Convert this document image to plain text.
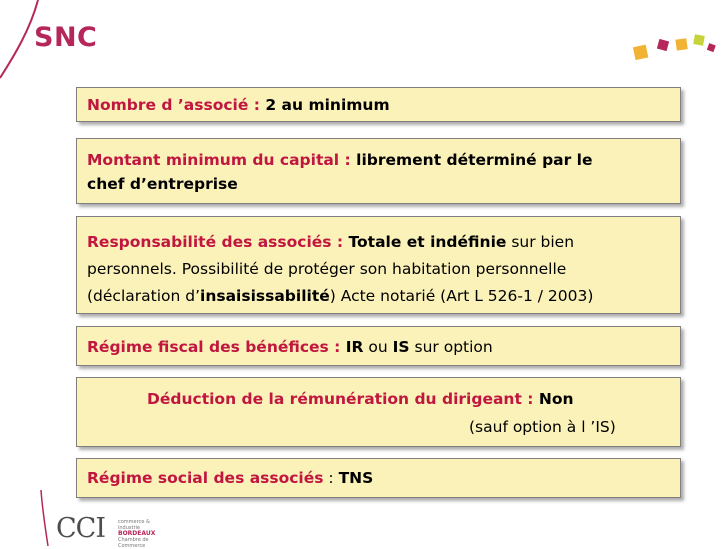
SNC
Nombre d ’associé : 2 au minimum
Montant minimum du capital : librement déterminé par le
chef d’entreprise
Responsabilité des associés : Totale et indéfinie sur bien
personnels. Possibilité de protéger son habitation personnelle
(déclaration d’insaisissabilité) Acte notarié (Art L 526-1 / 2003)
Régime fiscal des bénéfices : IR ou IS sur option
Déduction de la rémunération du dirigeant : Non
(sauf option à l ’IS)
Régime social des associés : TNS
CCI	commerce & industrie
BORDEAUX
Chambre de Commerce
